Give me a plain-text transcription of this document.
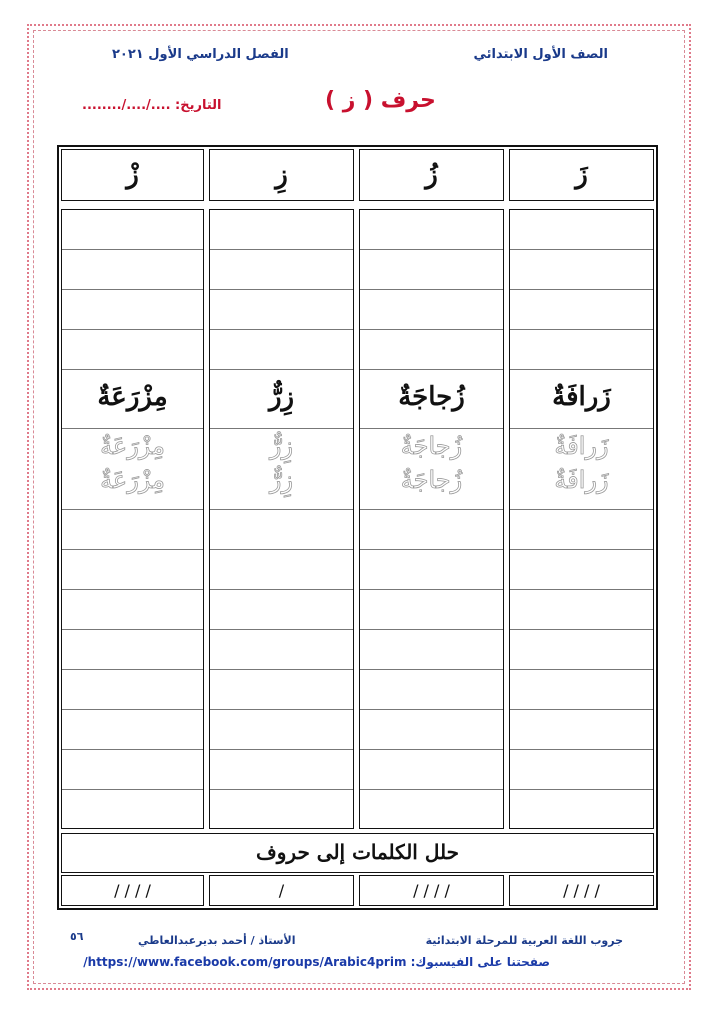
الصف الأول الابتدائي
الفصل الدراسي الأول ٢٠٢١
حرف ( ز )
التاريخ: ..../..../........
زَ
زُ
زِ
زْ
زَرافَةٌ
زَرافَةٌ
زَرافَةٌ
زُجاجَةٌ
زُجاجَةٌ
زُجاجَةٌ
زِرٌّ
زِرٌّ
زِرٌّ
مِزْرَعَةٌ
مِزْرَعَةٌ
مِزْرَعَةٌ
حلل الكلمات إلى حروف
/ / / /
/ / / /
/
/ / / /
جروب اللغة العربية للمرحلة الابتدائية
الأستاذ / أحمد بديرعبدالعاطي
٥٦
صفحتنا على الفيسبوك: https://www.facebook.com/groups/Arabic4prim/
